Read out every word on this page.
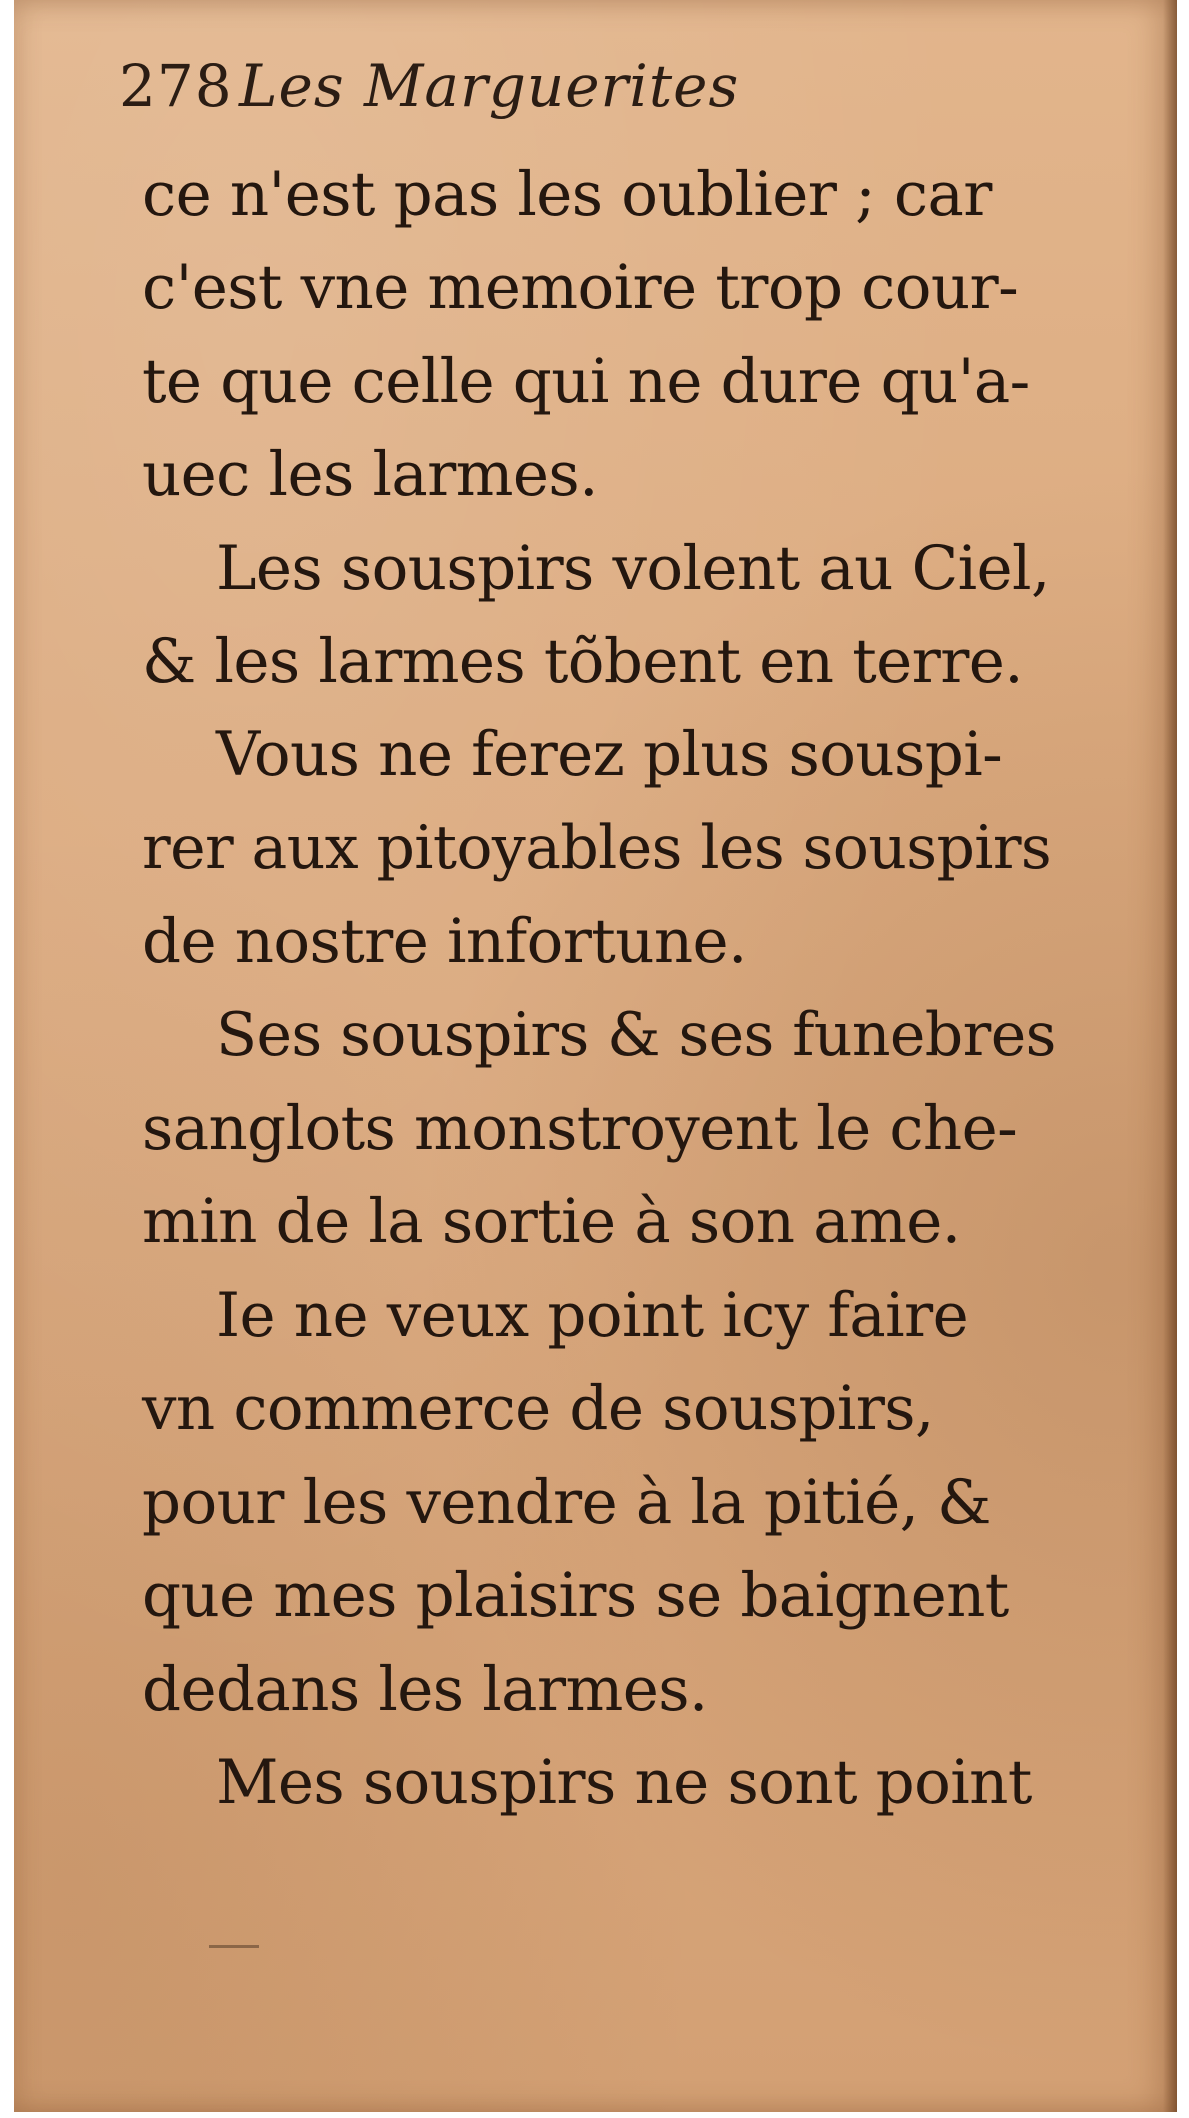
278 Les Marguerites
ce n'est pas les oublier ; car
c'est vne memoire trop cour-
te que celle qui ne dure qu'a-
uec les larmes.
Les souspirs volent au Ciel,
& les larmes tõbent en terre.
Vous ne ferez plus souspi-
rer aux pitoyables les souspirs
de nostre infortune.
Ses souspirs & ses funebres
sanglots monstroyent le che-
min de la sortie à son ame.
Ie ne veux point icy faire
vn commerce de souspirs,
pour les vendre à la pitié, &
que mes plaisirs se baignent
dedans les larmes.
Mes souspirs ne sont point
